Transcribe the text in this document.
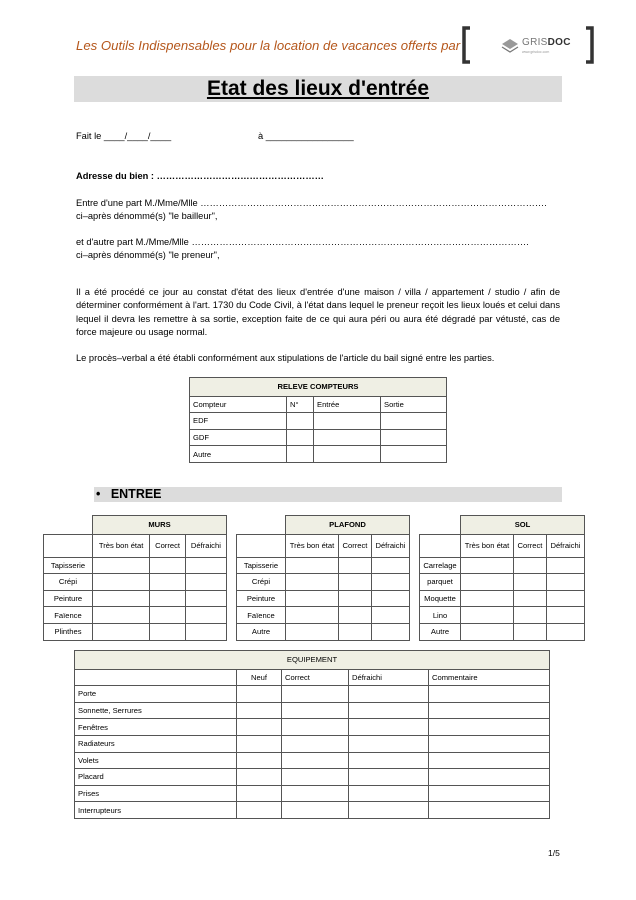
Les Outils Indispensables pour la location de vacances offerts par	GRISDOC
www.grisdoc.com
Etat des lieux d'entrée
Fait le ____/____/____	à _________________
Adresse du bien : ………………………………………………
Entre d'une part M./Mme/Mlle ………………………………………………………………………………………………….
ci–après dénommé(s) "le bailleur",
et d'autre part M./Mme/Mlle ……………………………………………………………………………………………….
ci–après dénommé(s) "le preneur",
Il a été procédé ce jour au constat d'état des lieux d'entrée d'une maison / villa / appartement / studio / afin de déterminer conformément à l'art. 1730 du Code Civil, à l'état dans lequel le preneur reçoit les lieux loués et celui dans lequel il devra les remettre à sa sortie, exception faite de ce qui aura péri ou aura été dégradé par vétusté, cas de force majeure ou usage normal.
Le procès–verbal a été établi conformément aux stipulations de l'article du bail signé entre les parties.
RELEVE COMPTEURS			
Compteur	N°	Entrée	Sortie
EDF			
GDF			
Autre			
• ENTREE
	MURS		
	Très bon état	Correct	Défraichi
Tapisserie			
Crépi			
Peinture			
Faïence			
Plinthes			
	PLAFOND		
	Très bon état	Correct	Défraichi
Tapisserie			
Crépi			
Peinture			
Faïence			
Autre			
	SOL		
	Très bon état	Correct	Défraichi
Carrelage			
parquet			
Moquette			
Lino			
Autre			
EQUIPEMENT				
	Neuf	Correct	Défraichi	Commentaire
Porte				
Sonnette, Serrures				
Fenêtres				
Radiateurs				
Volets				
Placard				
Prises				
Interrupteurs				
1/5
